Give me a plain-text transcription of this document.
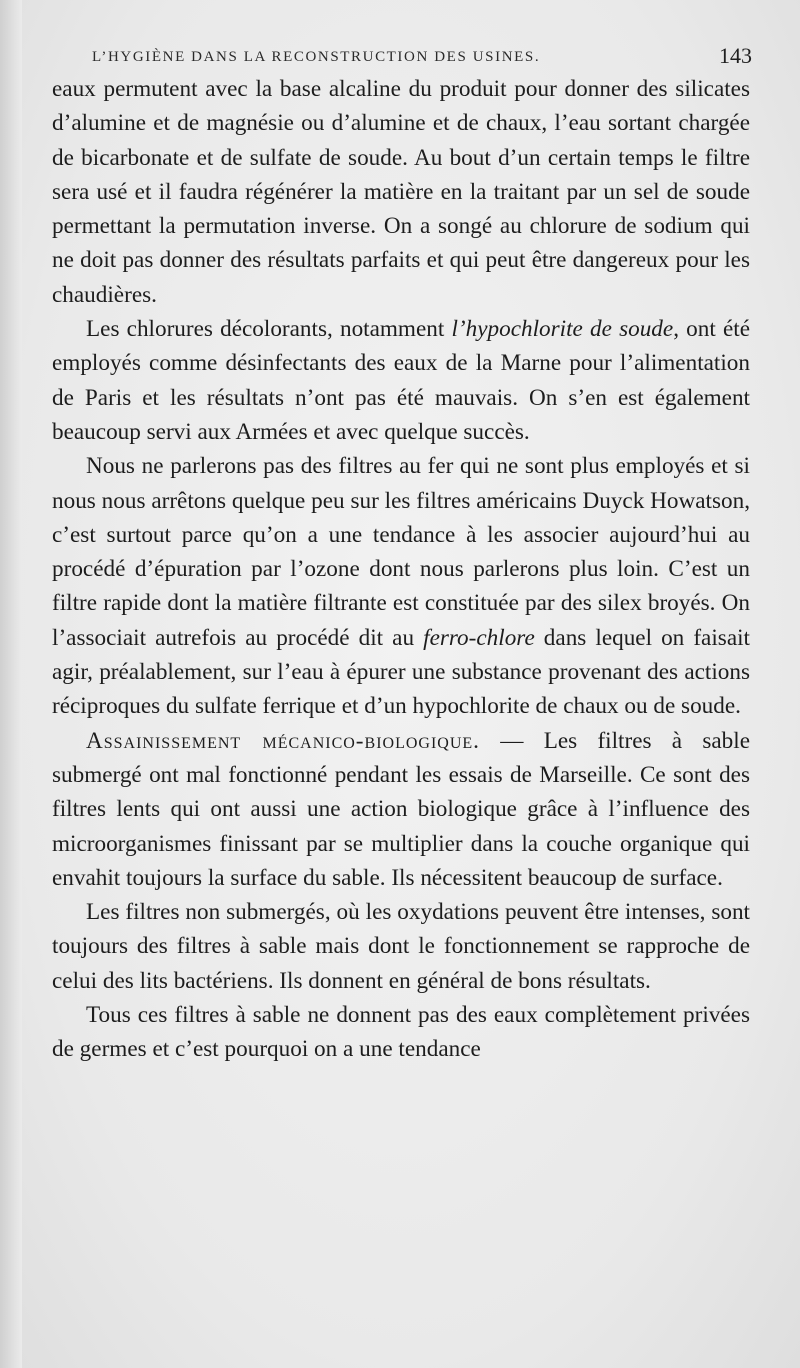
L’HYGIÈNE DANS LA RECONSTRUCTION DES USINES.	143

eaux permutent avec la base alcaline du produit pour donner des silicates d’alumine et de magnésie ou d’alumine et de chaux, l’eau sortant chargée de bicarbonate et de sulfate de soude. Au bout d’un certain temps le filtre sera usé et il faudra régénérer la matière en la traitant par un sel de soude permettant la permutation inverse. On a songé au chlorure de sodium qui ne doit pas donner des résultats parfaits et qui peut être dangereux pour les chaudières.

Les chlorures décolorants, notamment l’hypochlorite de soude, ont été employés comme désinfectants des eaux de la Marne pour l’alimentation de Paris et les résultats n’ont pas été mauvais. On s’en est également beaucoup servi aux Armées et avec quelque succès.

Nous ne parlerons pas des filtres au fer qui ne sont plus employés et si nous nous arrêtons quelque peu sur les filtres américains Duyck Howatson, c’est surtout parce qu’on a une tendance à les associer aujourd’hui au procédé d’épuration par l’ozone dont nous parlerons plus loin. C’est un filtre rapide dont la matière filtrante est constituée par des silex broyés. On l’associait autrefois au procédé dit au ferro-chlore dans lequel on faisait agir, préalablement, sur l’eau à épurer une substance provenant des actions réciproques du sulfate ferrique et d’un hypochlorite de chaux ou de soude.

Assainissement mécanico-biologique. — Les filtres à sable submergé ont mal fonctionné pendant les essais de Marseille. Ce sont des filtres lents qui ont aussi une action biologique grâce à l’influence des microorganismes finissant par se multiplier dans la couche organique qui envahit toujours la surface du sable. Ils nécessitent beaucoup de surface.

Les filtres non submergés, où les oxydations peuvent être intenses, sont toujours des filtres à sable mais dont le fonctionnement se rapproche de celui des lits bactériens. Ils donnent en général de bons résultats.

Tous ces filtres à sable ne donnent pas des eaux complètement privées de germes et c’est pourquoi on a une tendance
